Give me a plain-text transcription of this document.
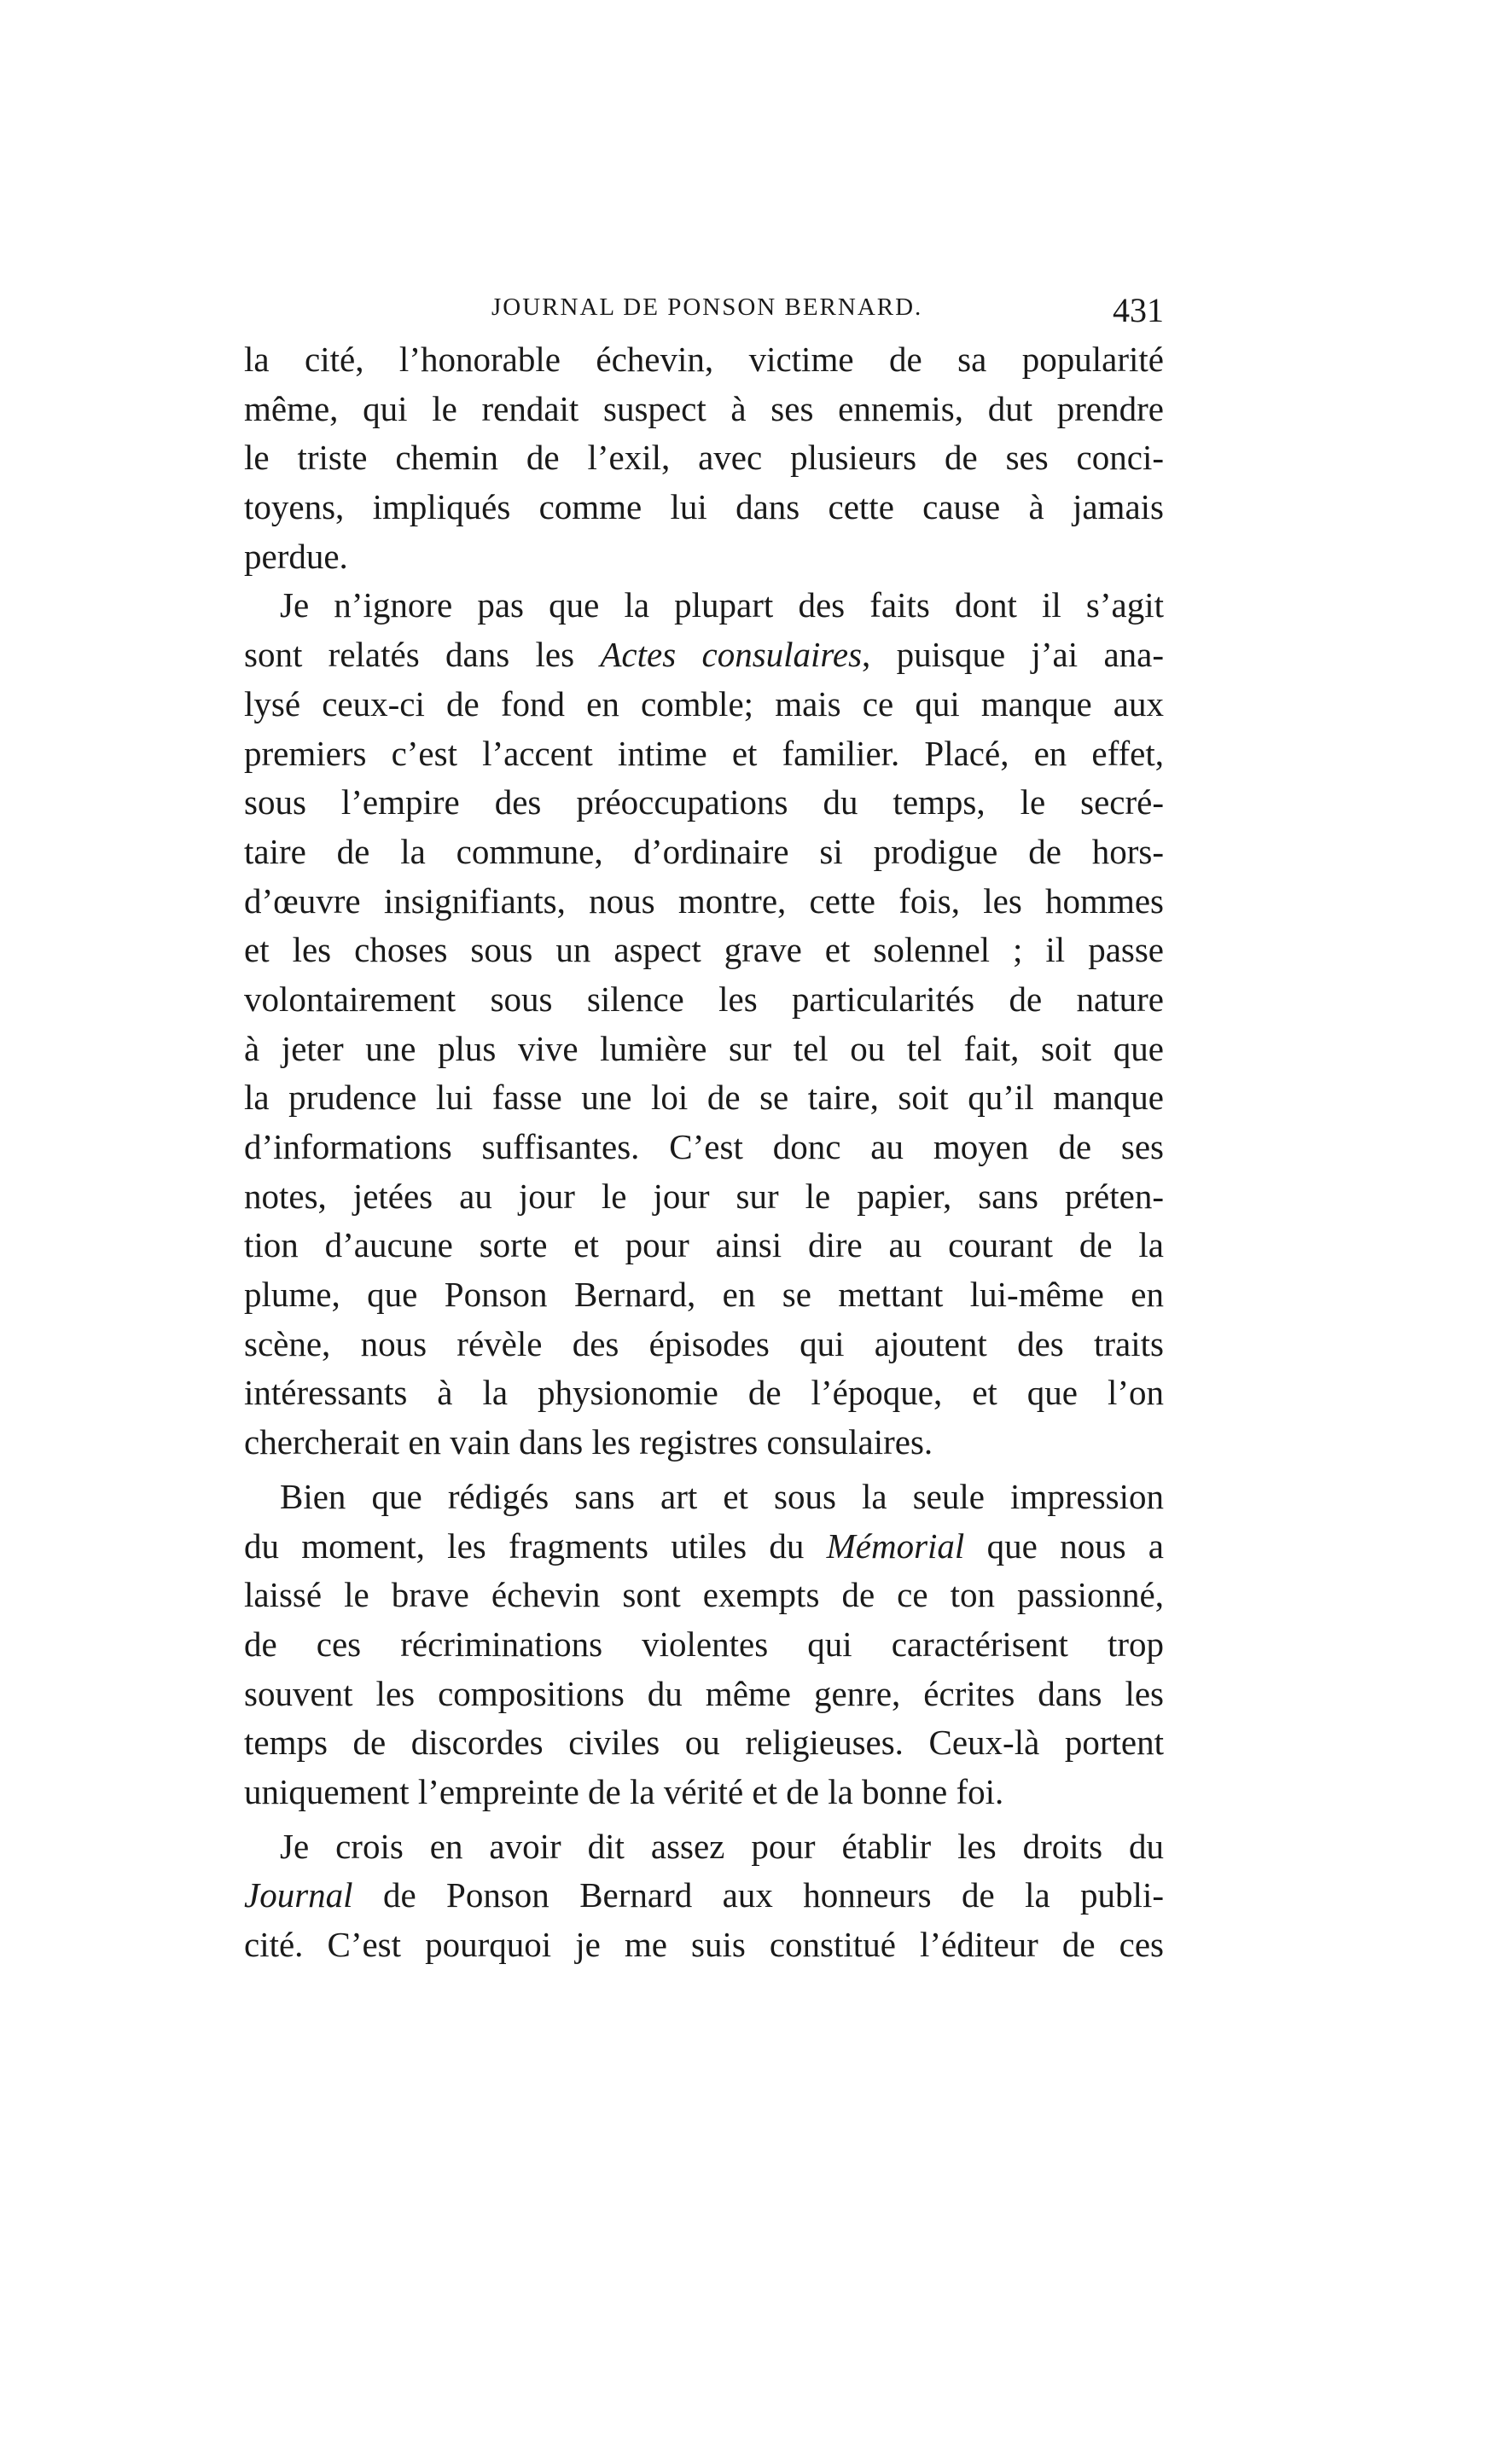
JOURNAL DE PONSON BERNARD.	431
la cité, l’honorable échevin, victime de sa popularité
même, qui le rendait suspect à ses ennemis, dut prendre
le triste chemin de l’exil, avec plusieurs de ses conci-
toyens, impliqués comme lui dans cette cause à jamais
perdue.
Je n’ignore pas que la plupart des faits dont il s’agit
sont relatés dans les Actes consulaires, puisque j’ai ana-
lysé ceux-ci de fond en comble; mais ce qui manque aux
premiers c’est l’accent intime et familier. Placé, en effet,
sous l’empire des préoccupations du temps, le secré-
taire de la commune, d’ordinaire si prodigue de hors-
d’œuvre insignifiants, nous montre, cette fois, les hommes
et les choses sous un aspect grave et solennel ; il passe
volontairement sous silence les particularités de nature
à jeter une plus vive lumière sur tel ou tel fait, soit que
la prudence lui fasse une loi de se taire, soit qu’il manque
d’informations suffisantes. C’est donc au moyen de ses
notes, jetées au jour le jour sur le papier, sans préten-
tion d’aucune sorte et pour ainsi dire au courant de la
plume, que Ponson Bernard, en se mettant lui-même en
scène, nous révèle des épisodes qui ajoutent des traits
intéressants à la physionomie de l’époque, et que l’on
chercherait en vain dans les registres consulaires.
Bien que rédigés sans art et sous la seule impression
du moment, les fragments utiles du Mémorial que nous a
laissé le brave échevin sont exempts de ce ton passionné,
de ces récriminations violentes qui caractérisent trop
souvent les compositions du même genre, écrites dans les
temps de discordes civiles ou religieuses. Ceux-là portent
uniquement l’empreinte de la vérité et de la bonne foi.
Je crois en avoir dit assez pour établir les droits du
Journal de Ponson Bernard aux honneurs de la publi-
cité. C’est pourquoi je me suis constitué l’éditeur de ces
